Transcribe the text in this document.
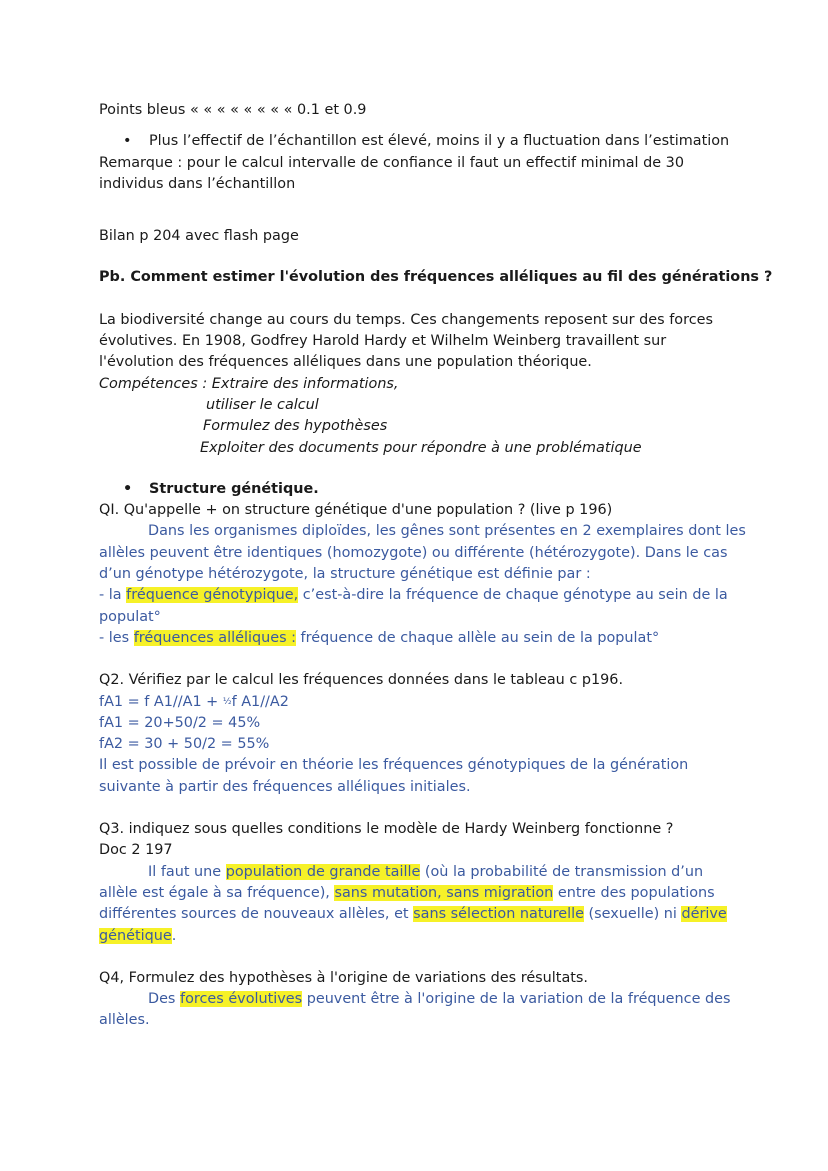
Points bleus « « « « « « « « 0.1 et 0.9
• Plus l’effectif de l’échantillon est élevé, moins il y a fluctuation dans l’estimation
Remarque : pour le calcul intervalle de confiance il faut un effectif minimal de 30
individus dans l’échantillon
Bilan p 204 avec flash page
Pb. Comment estimer l'évolution des fréquences alléliques au fil des générations ?
La biodiversité change au cours du temps. Ces changements reposent sur des forces
évolutives. En 1908, Godfrey Harold Hardy et Wilhelm Weinberg travaillent sur
l'évolution des fréquences alléliques dans une population théorique.
Compétences : Extraire des informations,
utiliser le calcul
Formulez des hypothèses
Exploiter des documents pour répondre à une problématique
• Structure génétique.
QI. Qu'appelle + on structure génétique d'une population ? (live p 196)
Dans les organismes diploïdes, les gênes sont présentes en 2 exemplaires dont les
allèles peuvent être identiques (homozygote) ou différente (hétérozygote). Dans le cas
d’un génotype hétérozygote, la structure génétique est définie par :
- la fréquence génotypique, c’est-à-dire la fréquence de chaque génotype au sein de la
populat°
- les fréquences alléliques : fréquence de chaque allèle au sein de la populat°
Q2. Vérifiez par le calcul les fréquences données dans le tableau c p196.
fA1 = f A1//A1 + ½f A1//A2
fA1 = 20+50/2 = 45%
fA2 = 30 + 50/2 = 55%
Il est possible de prévoir en théorie les fréquences génotypiques de la génération
suivante à partir des fréquences alléliques initiales.
Q3. indiquez sous quelles conditions le modèle de Hardy Weinberg fonctionne ?
Doc 2 197
Il faut une population de grande taille (où la probabilité de transmission d’un
allèle est égale à sa fréquence), sans mutation, sans migration entre des populations
différentes sources de nouveaux allèles, et sans sélection naturelle (sexuelle) ni dérive
génétique.
Q4, Formulez des hypothèses à l'origine de variations des résultats.
Des forces évolutives peuvent être à l'origine de la variation de la fréquence des
allèles.
